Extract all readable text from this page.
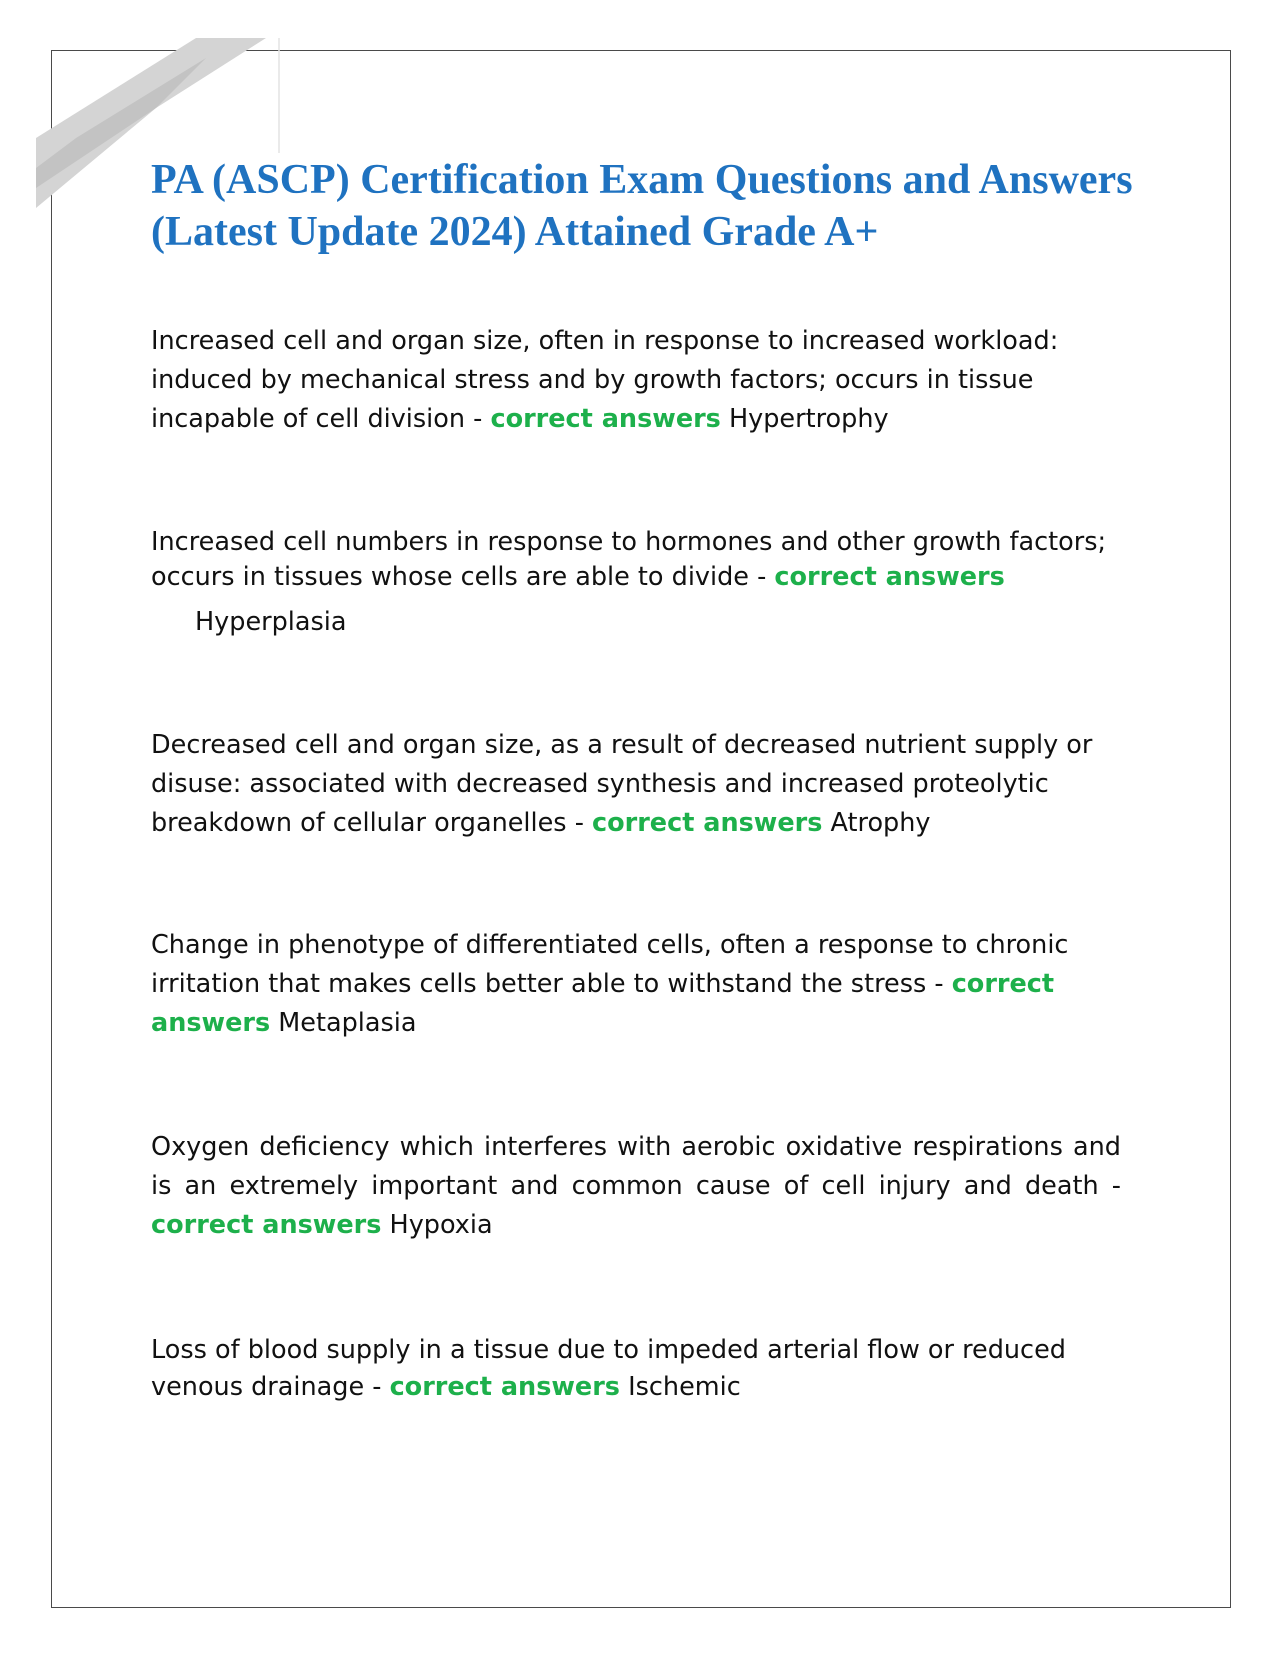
PA (ASCP) Certification Exam Questions and Answers (Latest Update 2024) Attained Grade A+

Increased cell and organ size, often in response to increased workload: induced by mechanical stress and by growth factors; occurs in tissue incapable of cell division - correct answers Hypertrophy

Increased cell numbers in response to hormones and other growth factors; occurs in tissues whose cells are able to divide - correct answers
Hyperplasia

Decreased cell and organ size, as a result of decreased nutrient supply or disuse: associated with decreased synthesis and increased proteolytic breakdown of cellular organelles - correct answers Atrophy

Change in phenotype of differentiated cells, often a response to chronic irritation that makes cells better able to withstand the stress - correct answers Metaplasia

Oxygen deficiency which interferes with aerobic oxidative respirations and is an extremely important and common cause of cell injury and death - correct answers Hypoxia

Loss of blood supply in a tissue due to impeded arterial flow or reduced venous drainage - correct answers Ischemic
